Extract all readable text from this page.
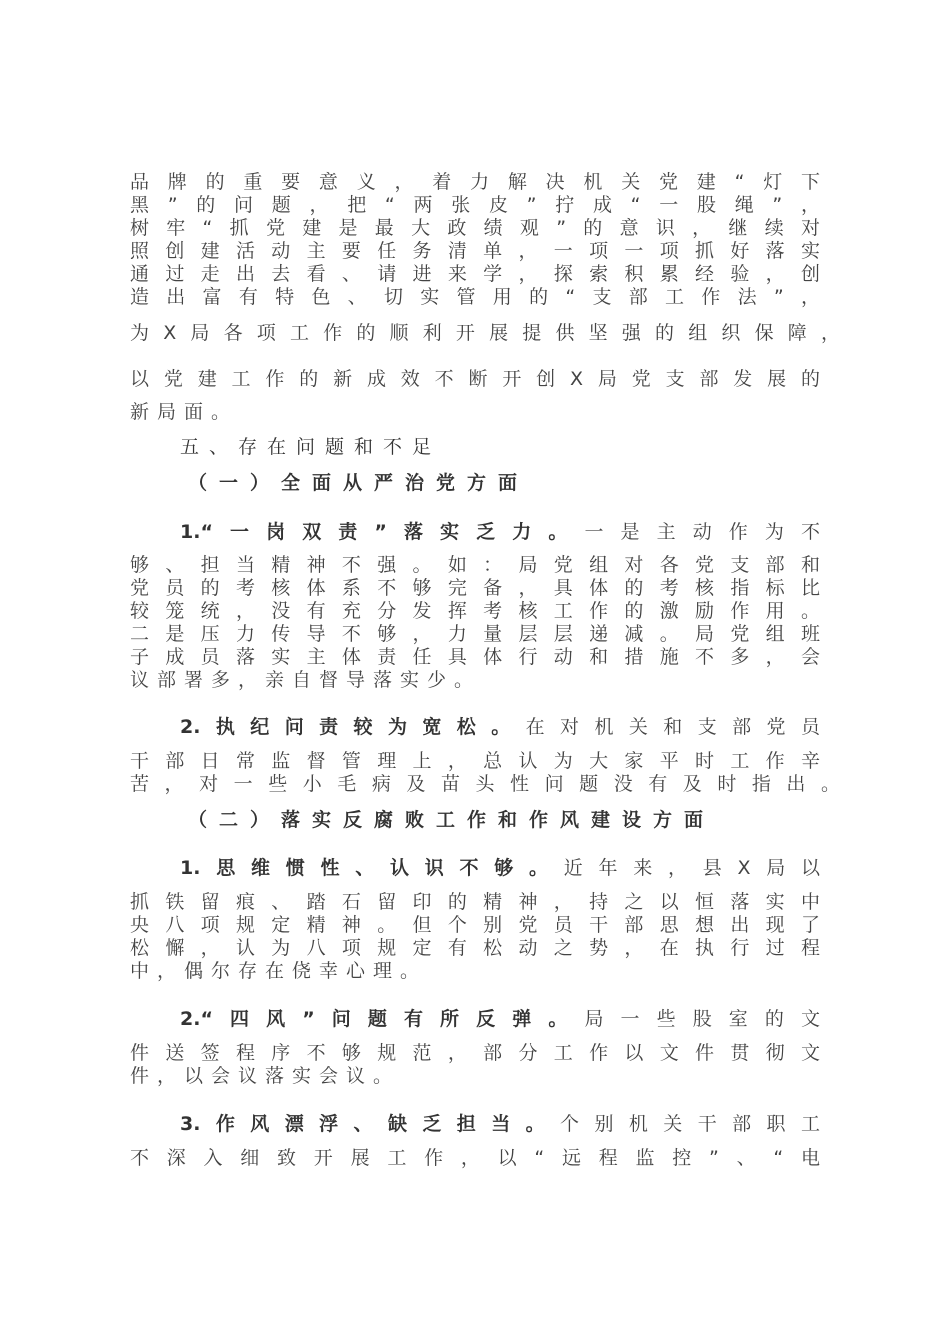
品牌的重要意义，着力解决机关党建“灯下
黑”的问题，把“两张皮”拧成“一股绳”，
树牢“抓党建是最大政绩观”的意识，继续对
照创建活动主要任务清单，一项一项抓好落实
通过走出去看、请进来学，探索积累经验，创
造出富有特色、切实管用的“支部工作法”，
为X局各项工作的顺利开展提供坚强的组织保障，
以党建工作的新成效不断开创X局党支部发展的
新局面。
五、存在问题和不足
（一）全面从严治党方面
1.“一岗双责”落实乏力。一是主动作为不
够、担当精神不强。如：局党组对各党支部和
党员的考核体系不够完备，具体的考核指标比
较笼统，没有充分发挥考核工作的激励作用。
二是压力传导不够，力量层层递减。局党组班
子成员落实主体责任具体行动和措施不多，会
议部署多，亲自督导落实少。
2.执纪问责较为宽松。在对机关和支部党员
干部日常监督管理上，总认为大家平时工作辛
苦，对一些小毛病及苗头性问题没有及时指出。
（二）落实反腐败工作和作风建设方面
1.思维惯性、认识不够。近年来，县X局以
抓铁留痕、踏石留印的精神，持之以恒落实中
央八项规定精神。但个别党员干部思想出现了
松懈，认为八项规定有松动之势，在执行过程
中，偶尔存在侥幸心理。
2.“四风”问题有所反弹。局一些股室的文
件送签程序不够规范，部分工作以文件贯彻文
件，以会议落实会议。
3.作风漂浮、缺乏担当。个别机关干部职工
不深入细致开展工作，以“远程监控”、“电
